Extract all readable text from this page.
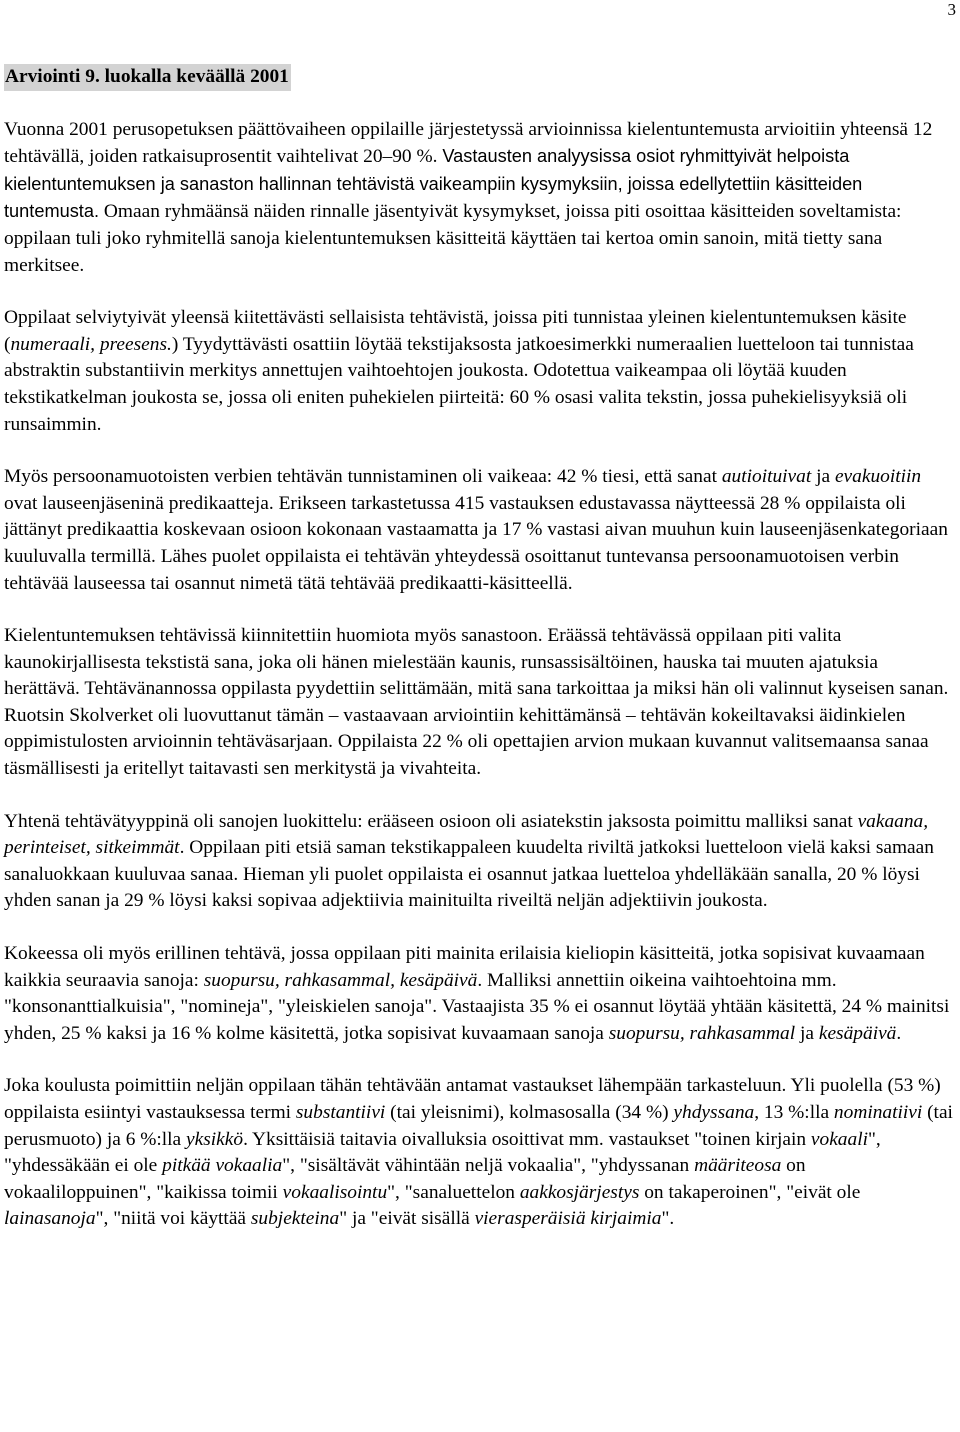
3
Arviointi 9. luokalla keväällä 2001

Vuonna 2001 perusopetuksen päättövaiheen oppilaille järjestetyssä arvioinnissa kielentuntemusta arvioitiin yhteensä 12 tehtävällä, joiden ratkaisuprosentit vaihtelivat 20–90 %. Vastausten analyysissa osiot ryhmittyivät helpoista kielentuntemuksen ja sanaston hallinnan tehtävistä vaikeampiin kysymyksiin, joissa edellytettiin käsitteiden tuntemusta. Omaan ryhmäänsä näiden rinnalle jäsentyivät kysymykset, joissa piti osoittaa käsitteiden soveltamista: oppilaan tuli joko ryhmitellä sanoja kielentuntemuksen käsitteitä käyttäen tai kertoa omin sanoin, mitä tietty sana merkitsee.

Oppilaat selviytyivät yleensä kiitettävästi sellaisista tehtävistä, joissa piti tunnistaa yleinen kielentuntemuksen käsite (numeraali, preesens.) Tyydyttävästi osattiin löytää tekstijaksosta jatkoesimerkki numeraalien luetteloon tai tunnistaa abstraktin substantiivin merkitys annettujen vaihtoehtojen joukosta. Odotettua vaikeampaa oli löytää kuuden tekstikatkelman joukosta se, jossa oli eniten puhekielen piirteitä: 60 % osasi valita tekstin, jossa puhekielisyyksiä oli runsaimmin.

Myös persoonamuotoisten verbien tehtävän tunnistaminen oli vaikeaa: 42 % tiesi, että sanat autioituivat ja evakuoitiin ovat lauseenjäseninä predikaatteja. Erikseen tarkastetussa 415 vastauksen edustavassa näytteessä 28 % oppilaista oli jättänyt predikaattia koskevaan osioon kokonaan vastaamatta ja 17 % vastasi aivan muuhun kuin lauseenjäsenkategoriaan kuuluvalla termillä. Lähes puolet oppilaista ei tehtävän yhteydessä osoittanut tuntevansa persoonamuotoisen verbin tehtävää lauseessa tai osannut nimetä tätä tehtävää predikaatti-käsitteellä.

Kielentuntemuksen tehtävissä kiinnitettiin huomiota myös sanastoon. Eräässä tehtävässä oppilaan piti valita kaunokirjallisesta tekstistä sana, joka oli hänen mielestään kaunis, runsassisältöinen, hauska tai muuten ajatuksia herättävä. Tehtävänannossa oppilasta pyydettiin selittämään, mitä sana tarkoittaa ja miksi hän oli valinnut kyseisen sanan. Ruotsin Skolverket oli luovuttanut tämän – vastaavaan arviointiin kehittämänsä – tehtävän kokeiltavaksi äidinkielen oppimistulosten arvioinnin tehtäväsarjaan. Oppilaista 22 % oli opettajien arvion mukaan kuvannut valitsemaansa sanaa täsmällisesti ja eritellyt taitavasti sen merkitystä ja vivahteita.

Yhtenä tehtävätyyppinä oli sanojen luokittelu: erääseen osioon oli asiatekstin jaksosta poimittu malliksi sanat vakaana, perinteiset, sitkeimmät. Oppilaan piti etsiä saman tekstikappaleen kuudelta riviltä jatkoksi luetteloon vielä kaksi samaan sanaluokkaan kuuluvaa sanaa. Hieman yli puolet oppilaista ei osannut jatkaa luetteloa yhdelläkään sanalla, 20 % löysi yhden sanan ja 29 % löysi kaksi sopivaa adjektiivia mainituilta riveiltä neljän adjektiivin joukosta.

Kokeessa oli myös erillinen tehtävä, jossa oppilaan piti mainita erilaisia kieliopin käsitteitä, jotka sopisivat kuvaamaan kaikkia seuraavia sanoja: suopursu, rahkasammal, kesäpäivä. Malliksi annettiin oikeina vaihtoehtoina mm. "konsonanttialkuisia", "nomineja", "yleiskielen sanoja". Vastaajista 35 % ei osannut löytää yhtään käsitettä, 24 % mainitsi yhden, 25 % kaksi ja 16 % kolme käsitettä, jotka sopisivat kuvaamaan sanoja suopursu, rahkasammal ja kesäpäivä.

Joka koulusta poimittiin neljän oppilaan tähän tehtävään antamat vastaukset lähempään tarkasteluun. Yli puolella (53 %) oppilaista esiintyi vastauksessa termi substantiivi (tai yleisnimi), kolmasosalla (34 %) yhdyssana, 13 %:lla nominatiivi (tai perusmuoto) ja 6 %:lla yksikkö. Yksittäisiä taitavia oivalluksia osoittivat mm. vastaukset "toinen kirjain vokaali", "yhdessäkään ei ole pitkää vokaalia", "sisältävät vähintään neljä vokaalia", "yhdyssanan määriteosa on vokaaliloppuinen", "kaikissa toimii vokaalisointu", "sanaluettelon aakkosjärjestys on takaperoinen", "eivät ole lainasanoja", "niitä voi käyttää subjekteina" ja "eivät sisällä vierasperäisiä kirjaimia".
